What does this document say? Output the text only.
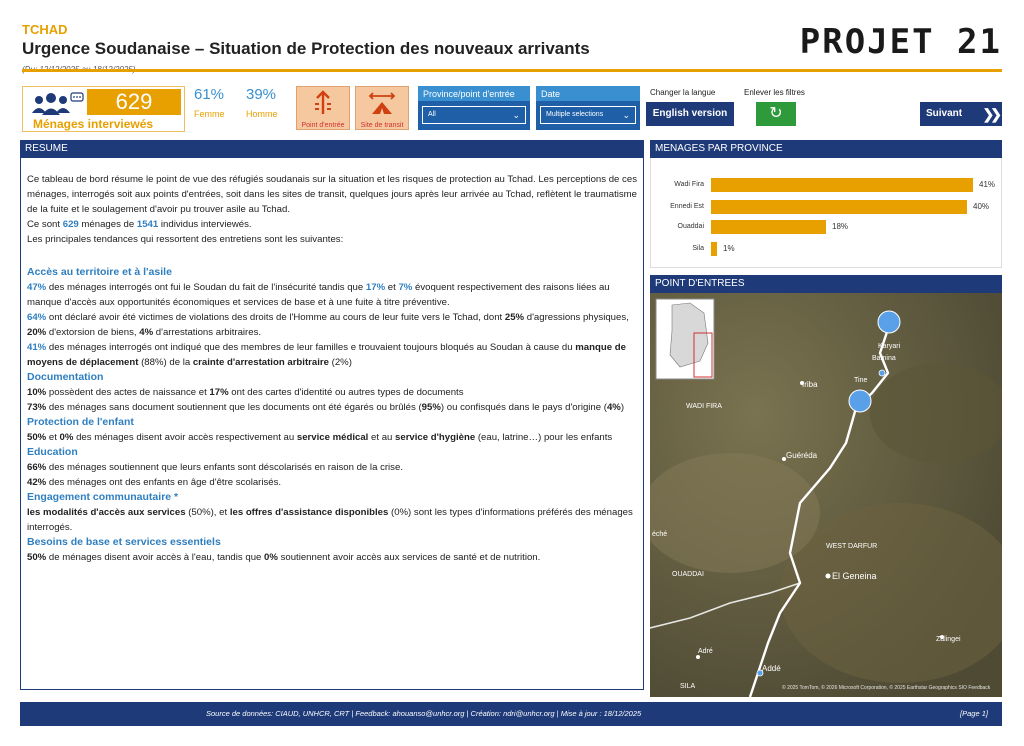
TCHAD
Urgence Soudanaise – Situation de Protection des nouveaux arrivants	PROJET 21
629
Ménages interviewés
61%
Femme
39%
Homme
Point d'entrée	Site de transit
Province/point d'entrée
All	⌄
Date
Multiple selections ⌄
Changer la langue
English version
Enlever les filtres
↻	Suivant ❯❯
RESUME

Ce tableau de bord résume le point de vue des réfugiés soudanais sur la situation et les risques de protection au Tchad. Les perceptions de ces ménages, interrogés soit aux points d'entrées, soit dans les sites de transit, quelques jours après leur arrivée au Tchad, reflètent le traumatisme de la fuite et le soulagement d'avoir pu trouver asile au Tchad.

Ce sont 629 ménages de 1541 individus interviewés.

Les principales tendances qui ressortent des entretiens sont les suivantes:

Accès au territoire et à l'asile

47% des ménages interrogés ont fui le Soudan du fait de l'insécurité tandis que 17% et 7% évoquent respectivement des raisons liées au manque d'accès aux opportunités économiques et services de base et à une fuite à titre préventive.

64% ont déclaré avoir été victimes de violations des droits de l'Homme au cours de leur fuite vers le Tchad, dont 25% d'agressions physiques, 20% d'extorsion de biens, 4% d'arrestations arbitraires.

41% des ménages interrogés ont indiqué que des membres de leur familles e trouvaient toujours bloqués au Soudan à cause du manque de moyens de déplacement (88%) de la crainte d'arrestation arbitraire (2%)

Documentation

10% possèdent des actes de naissance et 17% ont des cartes d'identité ou autres types de documents

73% des ménages sans document soutiennent que les documents ont été égarés ou brûlés (95%) ou confisqués dans le pays d'origine (4%)

Protection de l'enfant

50% et 0% des ménages disent avoir accès respectivement au service médical et au service d'hygiène (eau, latrine…) pour les enfants

Education

66% des ménages soutiennent que leurs enfants sont déscolarisés en raison de la crise.

42% des ménages ont des enfants en âge d'être scolarisés.

Engagement communautaire *

les modalités d'accès aux services (50%), et les offres d'assistance disponibles (0%) sont les types d'informations préférés des ménages interrogés.

Besoins de base et services essentiels

50% de ménages disent avoir accès à l'eau, tandis que 0% soutiennent avoir accès aux services de santé et de nutrition.

MENAGES PAR PROVINCE
Wadi Fira	41%
Ennedi Est	40%
Ouaddai	18%
Sila 1%
POINT D'ENTREES
Karyari
Bamina
Tine
Iriba
WADI FIRA
Guéréda
éché
WEST DARFUR
OUADDAI	El Geneina
Zalingei
Adré
Addé
SILA	© 2025 TomTom, © 2026 Microsoft Corporation, © 2025 Earthstar Geographics SIO Feedback
Source de données: CIAUD, UNHCR, CRT | Feedback: ahouanso@unhcr.org | Création: ndri@unhcr.org | Mise à jour : 18/12/2025	[Page 1]
